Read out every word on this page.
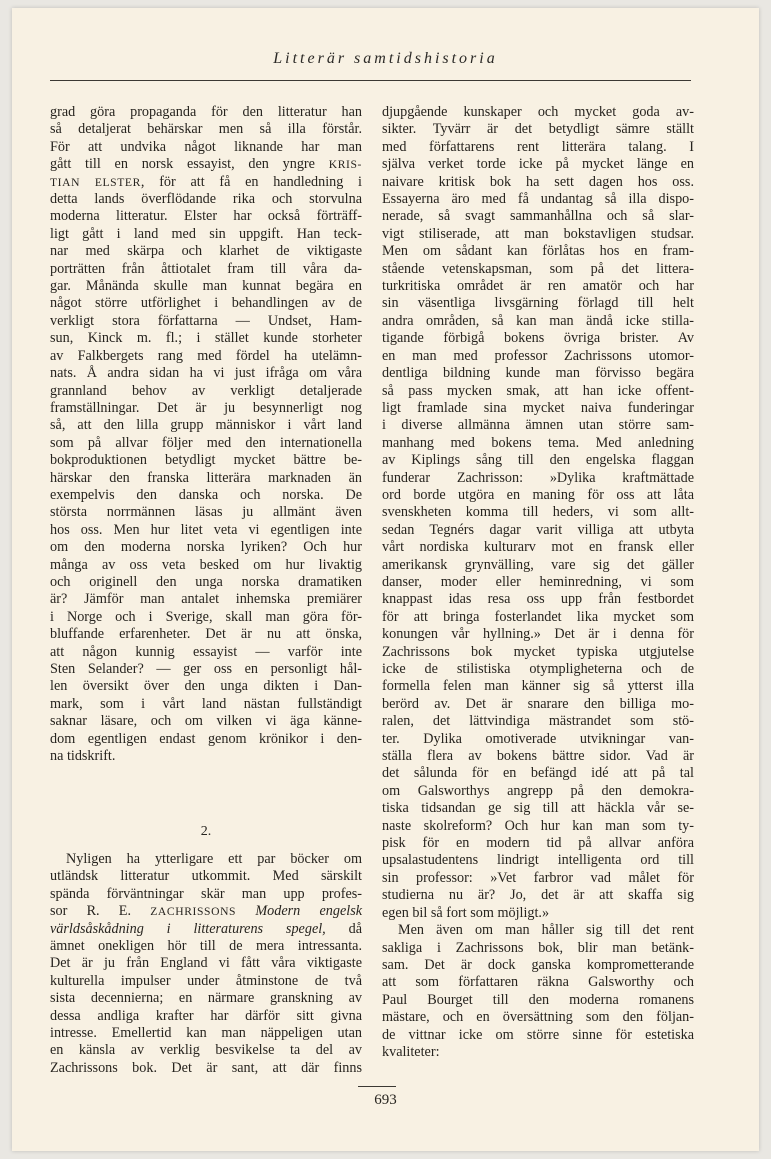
Litterär samtidshistoria

grad göra propaganda för den litteratur han
så detaljerat behärskar men så illa förstår.
För att undvika något liknande har man
gått till en norsk essayist, den yngre KRIS-
TIAN ELSTER, för att få en handledning i
detta lands överflödande rika och storvulna
moderna litteratur. Elster har också förträff-
ligt gått i land med sin uppgift. Han teck-
nar med skärpa och klarhet de viktigaste
porträtten från åttiotalet fram till våra da-
gar. Månända skulle man kunnat begära en
något större utförlighet i behandlingen av de
verkligt stora författarna — Undset, Ham-
sun, Kinck m. fl.; i stället kunde storheter
av Falkbergets rang med fördel ha utelämn-
nats. Å andra sidan ha vi just ifråga om våra
grannland behov av verkligt detaljerade
framställningar. Det är ju besynnerligt nog
så, att den lilla grupp människor i vårt land
som på allvar följer med den internationella
bokproduktionen betydligt mycket bättre be-
härskar den franska litterära marknaden än
exempelvis den danska och norska. De
största norrmännen läsas ju allmänt även
hos oss. Men hur litet veta vi egentligen inte
om den moderna norska lyriken? Och hur
många av oss veta besked om hur livaktig
och originell den unga norska dramatiken
är? Jämför man antalet inhemska premiärer
i Norge och i Sverige, skall man göra för-
bluffande erfarenheter. Det är nu att önska,
att någon kunnig essayist — varför inte
Sten Selander? — ger oss en personligt hål-
len översikt över den unga dikten i Dan-
mark, som i vårt land nästan fullständigt
saknar läsare, och om vilken vi äga känne-
dom egentligen endast genom krönikor i den-
na tidskrift.

2.

Nyligen ha ytterligare ett par böcker om
utländsk litteratur utkommit. Med särskilt
spända förväntningar skär man upp profes-
sor R. E. ZACHRISSONS Modern engelsk
världsåskådning i litteraturens spegel, då
ämnet onekligen hör till de mera intressanta.
Det är ju från England vi fått våra viktigaste
kulturella impulser under åtminstone de två
sista decennierna; en närmare granskning av
dessa andliga krafter har därför sitt givna
intresse. Emellertid kan man näppeligen utan
en känsla av verklig besvikelse ta del av
Zachrissons bok. Det är sant, att där finns

djupgående kunskaper och mycket goda av-
sikter. Tyvärr är det betydligt sämre ställt
med författarens rent litterära talang. I
själva verket torde icke på mycket länge en
naivare kritisk bok ha sett dagen hos oss.
Essayerna äro med få undantag så illa dispo-
nerade, så svagt sammanhållna och så slar-
vigt stiliserade, att man bokstavligen studsar.
Men om sådant kan förlåtas hos en fram-
stående vetenskapsman, som på det littera-
turkritiska området är ren amatör och har
sin väsentliga livsgärning förlagd till helt
andra områden, så kan man ändå icke stilla-
tigande förbigå bokens övriga brister. Av
en man med professor Zachrissons utomor-
dentliga bildning kunde man förvisso begära
så pass mycken smak, att han icke offent-
ligt framlade sina mycket naiva funderingar
i diverse allmänna ämnen utan större sam-
manhang med bokens tema. Med anledning
av Kiplings sång till den engelska flaggan
funderar Zachrisson: »Dylika kraftmättade
ord borde utgöra en maning för oss att låta
svenskheten komma till heders, vi som allt-
sedan Tegnérs dagar varit villiga att utbyta
vårt nordiska kulturarv mot en fransk eller
amerikansk grynvälling, vare sig det gäller
danser, moder eller heminredning, vi som
knappast idas resa oss upp från festbordet
för att bringa fosterlandet lika mycket som
konungen vår hyllning.» Det är i denna för
Zachrissons bok mycket typiska utgjutelse
icke de stilistiska otympligheterna och de
formella felen man känner sig så ytterst illa
berörd av. Det är snarare den billiga mo-
ralen, det lättvindiga mästrandet som stö-
ter. Dylika omotiverade utvikningar van-
ställa flera av bokens bättre sidor. Vad är
det sålunda för en befängd idé att på tal
om Galsworthys angrepp på den demokra-
tiska tidsandan ge sig till att häckla vår se-
naste skolreform? Och hur kan man som ty-
pisk för en modern tid på allvar anföra
upsalastudentens lindrigt intelligenta ord till
sin professor: »Vet farbror vad målet för
studierna nu är? Jo, det är att skaffa sig
egen bil så fort som möjligt.»

Men även om man håller sig till det rent
sakliga i Zachrissons bok, blir man betänk-
sam. Det är dock ganska komprometterande
att som författaren räkna Galsworthy och
Paul Bourget till den moderna romanens
mästare, och en översättning som den följan-
de vittnar icke om större sinne för estetiska
kvaliteter:

693
